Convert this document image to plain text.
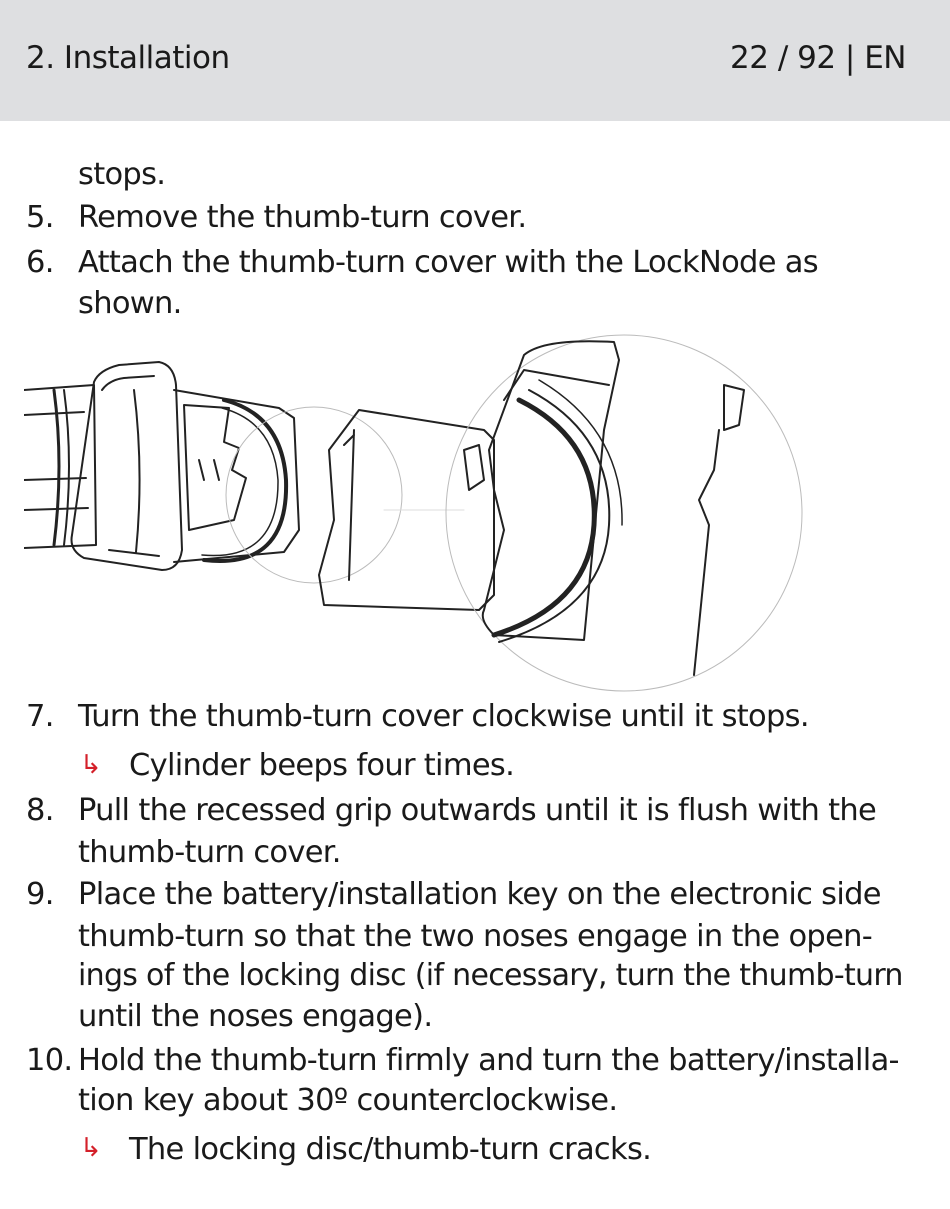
2. Installation	22 / 92 | EN
stops.
5. Remove the thumb-turn cover.
6. Attach the thumb-turn cover with the LockNode as
shown.
7. Turn the thumb-turn cover clockwise until it stops.
↳ Cylinder beeps four times.
8. Pull the recessed grip outwards until it is flush with the
thumb-turn cover.
9. Place the battery/installation key on the electronic side
thumb-turn so that the two noses engage in the open-
ings of the locking disc (if necessary, turn the thumb-turn
until the noses engage).
10. Hold the thumb-turn firmly and turn the battery/installa-
tion key about 30º counterclockwise.
↳ The locking disc/thumb-turn cracks.
